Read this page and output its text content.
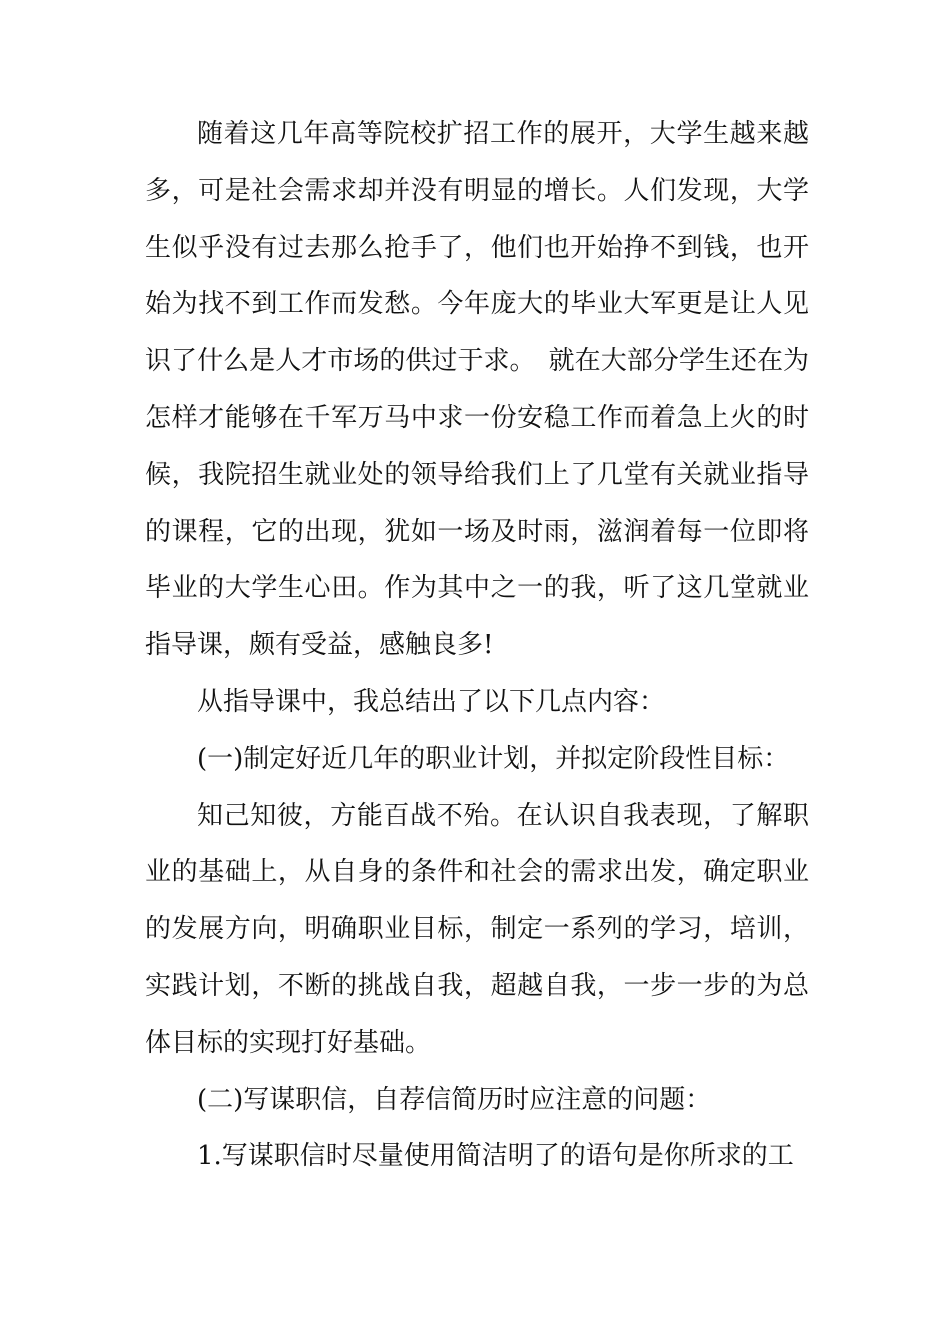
随着这几年高等院校扩招工作的展开，大学生越来越多，可是社会需求却并没有明显的增长。人们发现，大学生似乎没有过去那么抢手了，他们也开始挣不到钱，也开始为找不到工作而发愁。今年庞大的毕业大军更是让人见识了什么是人才市场的供过于求。　就在大部分学生还在为怎样才能够在千军万马中求一份安稳工作而着急上火的时候，我院招生就业处的领导给我们上了几堂有关就业指导的课程，它的出现，犹如一场及时雨，滋润着每一位即将毕业的大学生心田。作为其中之一的我，听了这几堂就业指导课，颇有受益，感触良多!

从指导课中，我总结出了以下几点内容：

(一)制定好近几年的职业计划，并拟定阶段性目标：

知己知彼，方能百战不殆。在认识自我表现，了解职业的基础上，从自身的条件和社会的需求出发，确定职业的发展方向，明确职业目标，制定一系列的学习，培训，实践计划，不断的挑战自我，超越自我，一步一步的为总体目标的实现打好基础。

(二)写谋职信，自荐信简历时应注意的问题：

1.写谋职信时尽量使用简洁明了的语句是你所求的工
